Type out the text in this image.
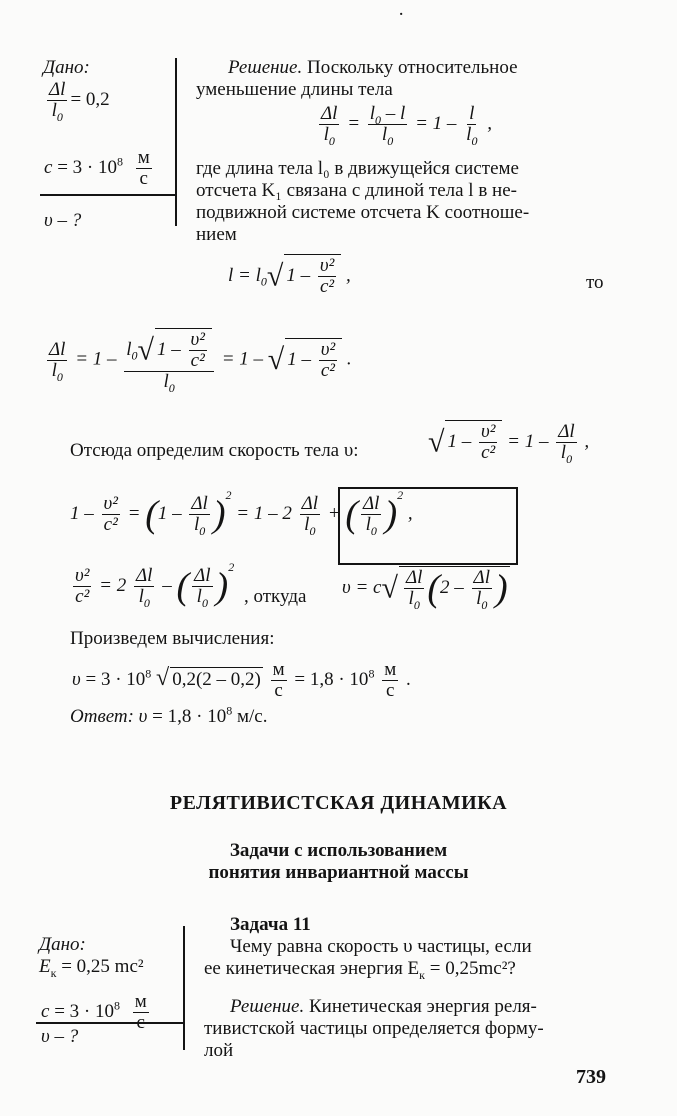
·
Дано:
$\frac{\Delta l}{l_0} = 0,2$
$c = 3 \cdot 10^8 \frac{м}{с}$
υ – ?
Решение. Поскольку относительное
уменьшение длины тела
$\frac{\Delta l}{l_0} = \frac{l_0 - l}{l_0} = 1 - \frac{l}{l_0}$ ,
где длина тела l₀ в движущейся системе
отсчета K₁ связана с длиной тела l в не-
подвижной системе отсчета K соотноше-
нием
$l = l_0√$ $1 - \frac{\text{υ²}}{\text{c²}}$ ,	то
$\frac{\Delta l}{l_0} = 1 - \frac{l_0√ 1 - \frac{\text{υ²}}{\text{c²}}}{l_0} = 1$ – √ $1 - \frac{\text{υ²}}{\text{c²}}$ .
Отсюда определим скорость тела υ: √ $1 - \frac{\text{υ²}}{\text{c²}} = 1 - \frac{\Delta l}{l_0}$ ,
$1 - \frac{\text{υ²}}{\text{c²}} = (1 - \frac{\Delta l}{l_0} )^2 = 1 - 2 \frac{\Delta l}{l_0}$ + ( $\frac{\Delta l}{l_0} )^2$ ,
$\frac{\text{υ²}}{\text{c²}} = 2 \frac{\Delta l}{l_0}$ – ( $\frac{\Delta l}{l_0} )^2$
, откуда $\upsilon = c√ \frac{\Delta l}{l_0} (2 - \frac{\Delta l}{l_0}$ )
Произведем вычисления:
$\upsilon = 3 \cdot 10^8$ √ $0,2(2 - 0,2) \frac{м}{с} = 1,8 \cdot 10^8 \frac{м}{с}$ .
Ответ: $\upsilon = 1,8 \cdot 10^8$ м/с.
РЕЛЯТИВИСТСКАЯ ДИНАМИКА
Задачи с использованием
понятия инвариантной массы
Задача 11
Чему равна скорость υ частицы, если
ее кинетическая энергия $E_к = 0,25mc^2$?
Дано:
$E_к = 0,25$ mc²
$c = 3 \cdot 10^8$ м
υ – ?
Решение. Кинетическая энергия реля-
тивистской частицы определяется форму-
лой
739
